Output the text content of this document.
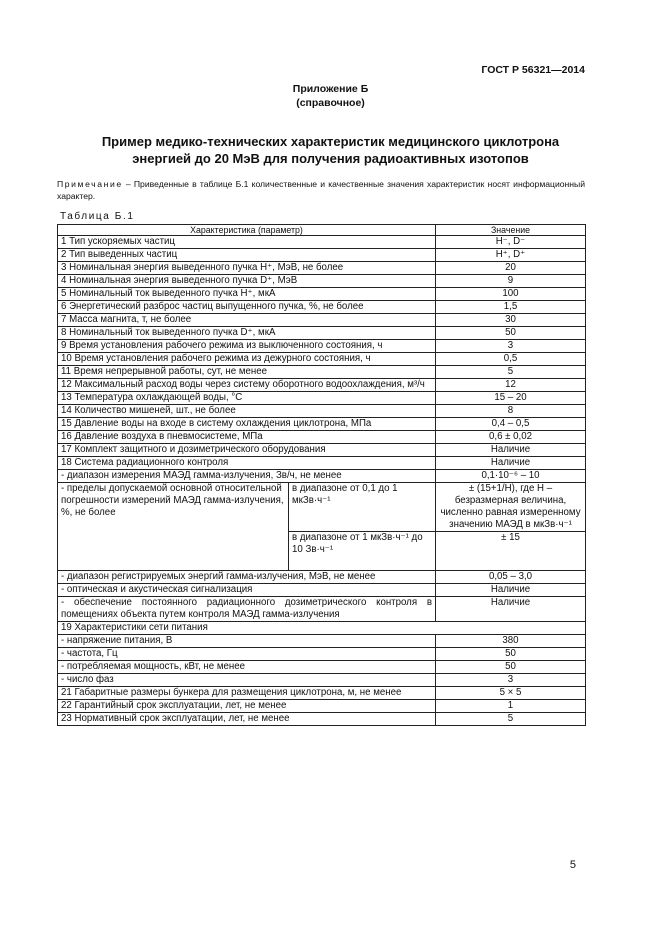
ГОСТ Р 56321—2014
Приложение Б
(справочное)
Пример медико-технических характеристик медицинского циклотрона
энергией до 20 МэВ для получения радиоактивных изотопов
Примечание – Приведенные в таблице Б.1 количественные и качественные значения характеристик носят информационный характер.
Таблица Б.1
Характеристика (параметр)		Значение
1 Тип ускоряемых частиц		H⁻, D⁻
2 Тип выведенных частиц		H⁺, D⁺
3 Номинальная энергия выведенного пучка H⁺, МэВ, не более		20
4 Номинальная энергия выведенного пучка D⁺, МэВ		9
5 Номинальный ток выведенного пучка H⁺, мкА		100
6 Энергетический разброс частиц выпущенного пучка, %, не более		1,5
7 Масса магнита, т, не более		30
8 Номинальный ток выведенного пучка D⁺, мкА		50
9 Время установления рабочего режима из выключенного состояния, ч		3
10 Время установления рабочего режима из дежурного состояния, ч		0,5
11 Время непрерывной работы, сут, не менее		5
12 Максимальный расход воды через систему оборотного водоохлаждения, м³/ч		12
13 Температура охлаждающей воды, °С		15 – 20
14 Количество мишеней, шт., не более		8
15 Давление воды на входе в систему охлаждения циклотрона, МПа		0,4 – 0,5
16 Давление воздуха в пневмосистеме, МПа		0,6 ± 0,02
17 Комплект защитного и дозиметрического оборудования		Наличие
18 Система радиационного контроля		Наличие
- диапазон измерения МАЭД гамма-излучения, Зв/ч, не менее		0,1·10⁻⁶ – 10
- пределы допускаемой основной относительной погрешности измерений МАЭД гамма-излучения, %, не более	в диапазоне от 0,1 до 1 мкЗв·ч⁻¹	± (15+1/H), где H – безразмерная величина, численно равная измеренному значению МАЭД в мкЗв·ч⁻¹
	в диапазоне от 1 мкЗв·ч⁻¹ до 10 Зв·ч⁻¹	± 15
- диапазон регистрируемых энергий гамма-излучения, МэВ, не менее		0,05 – 3,0
- оптическая и акустическая сигнализация		Наличие
- обеспечение постоянного радиационного дозиметрического контроля в помещениях объекта путем контроля МАЭД гамма-излучения		Наличие
19 Характеристики сети питания		
- напряжение питания, В		380
- частота, Гц		50
- потребляемая мощность, кВт, не менее		50
- число фаз		3
21 Габаритные размеры бункера для размещения циклотрона, м, не менее		5 × 5
22 Гарантийный срок эксплуатации, лет, не менее		1
23 Нормативный срок эксплуатации, лет, не менее		5
5
